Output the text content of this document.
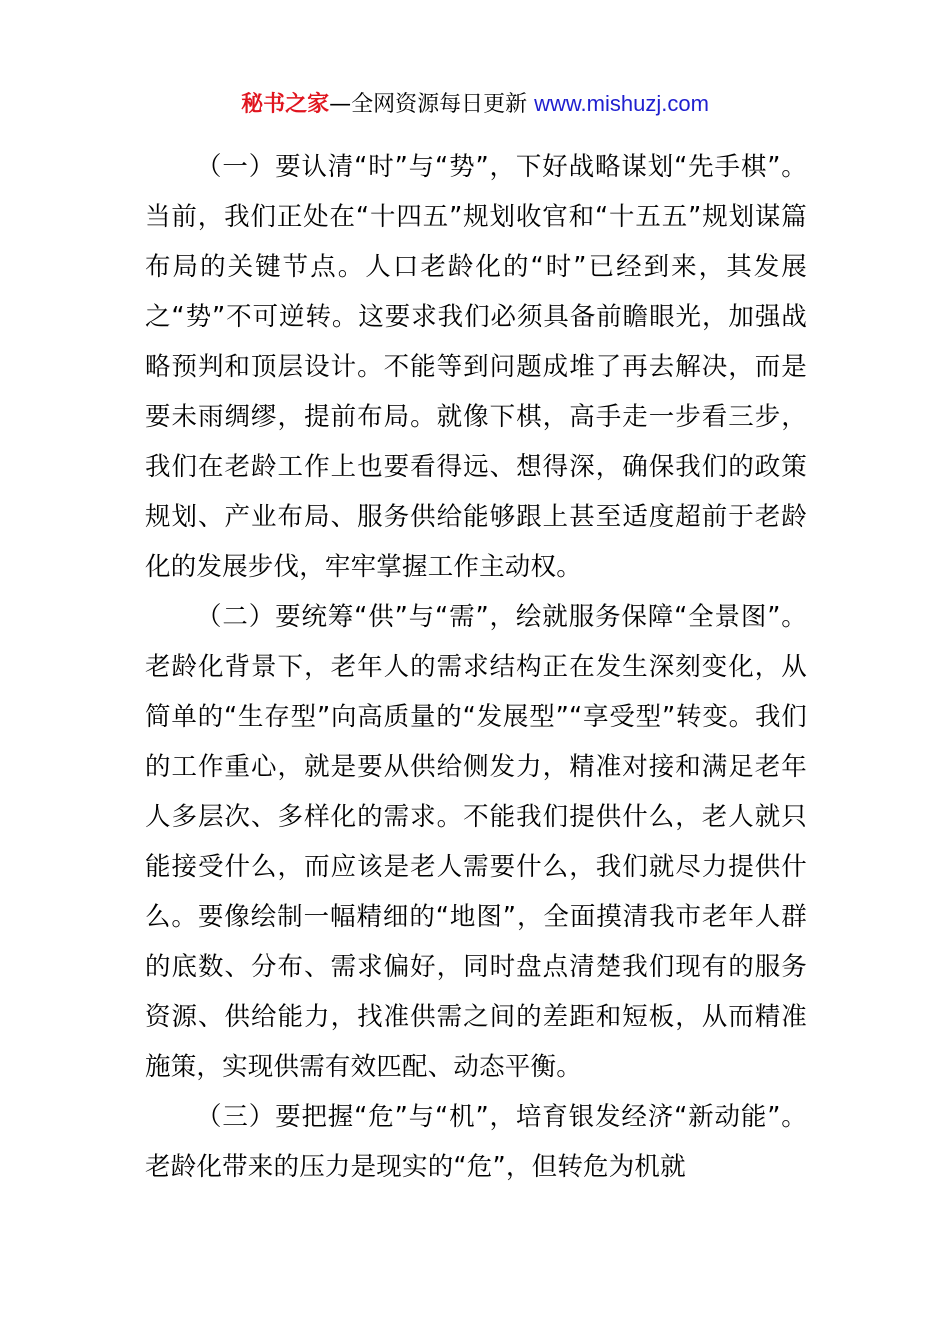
秘书之家—全网资源每日更新 www.mishuzj.com

（一）要认清“时”与“势”，下好战略谋划“先手棋”。当前，我们正处在“十四五”规划收官和“十五五”规划谋篇布局的关键节点。人口老龄化的“时”已经到来，其发展之“势”不可逆转。这要求我们必须具备前瞻眼光，加强战略预判和顶层设计。不能等到问题成堆了再去解决，而是要未雨绸缪，提前布局。就像下棋，高手走一步看三步，我们在老龄工作上也要看得远、想得深，确保我们的政策规划、产业布局、服务供给能够跟上甚至适度超前于老龄化的发展步伐，牢牢掌握工作主动权。

（二）要统筹“供”与“需”，绘就服务保障“全景图”。老龄化背景下，老年人的需求结构正在发生深刻变化，从简单的“生存型”向高质量的“发展型”“享受型”转变。我们的工作重心，就是要从供给侧发力，精准对接和满足老年人多层次、多样化的需求。不能我们提供什么，老人就只能接受什么，而应该是老人需要什么，我们就尽力提供什么。要像绘制一幅精细的“地图”，全面摸清我市老年人群的底数、分布、需求偏好，同时盘点清楚我们现有的服务资源、供给能力，找准供需之间的差距和短板，从而精准施策，实现供需有效匹配、动态平衡。

（三）要把握“危”与“机”，培育银发经济“新动能”。老龄化带来的压力是现实的“危”，但转危为机就
